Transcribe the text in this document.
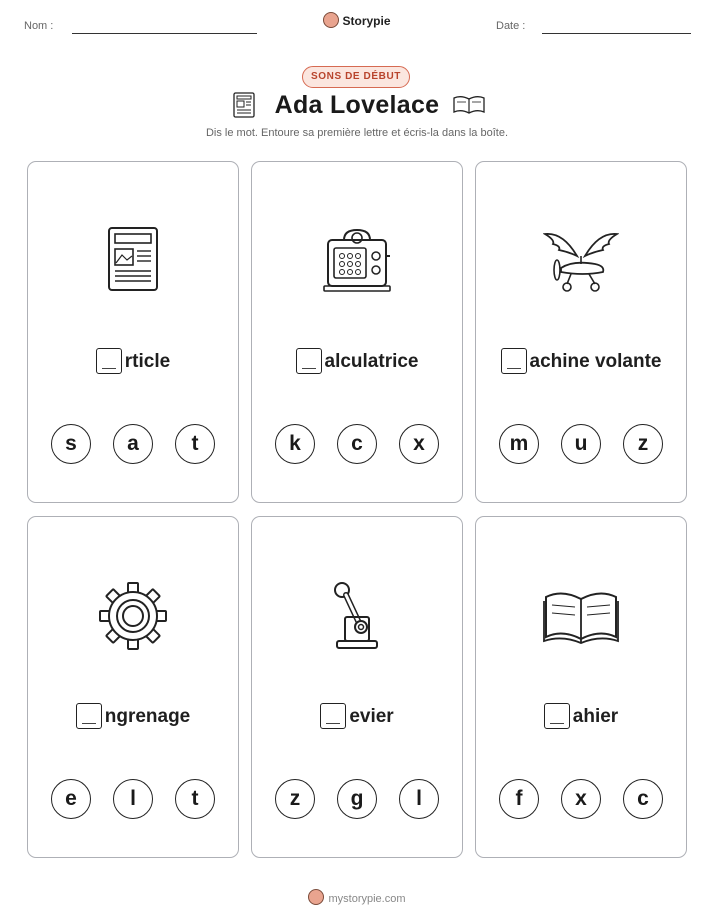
Nom :	Storypie	Date :
SONS DE DÉBUT
Ada Lovelace
Dis le mot. Entoure sa première lettre et écris-la dans la boîte.
rticle
s a	t
alculatrice
k c x
achine volante
m u z
ngrenage
e	l	t
evier
z g	l
ahier
f	x c
mystorypie.com
